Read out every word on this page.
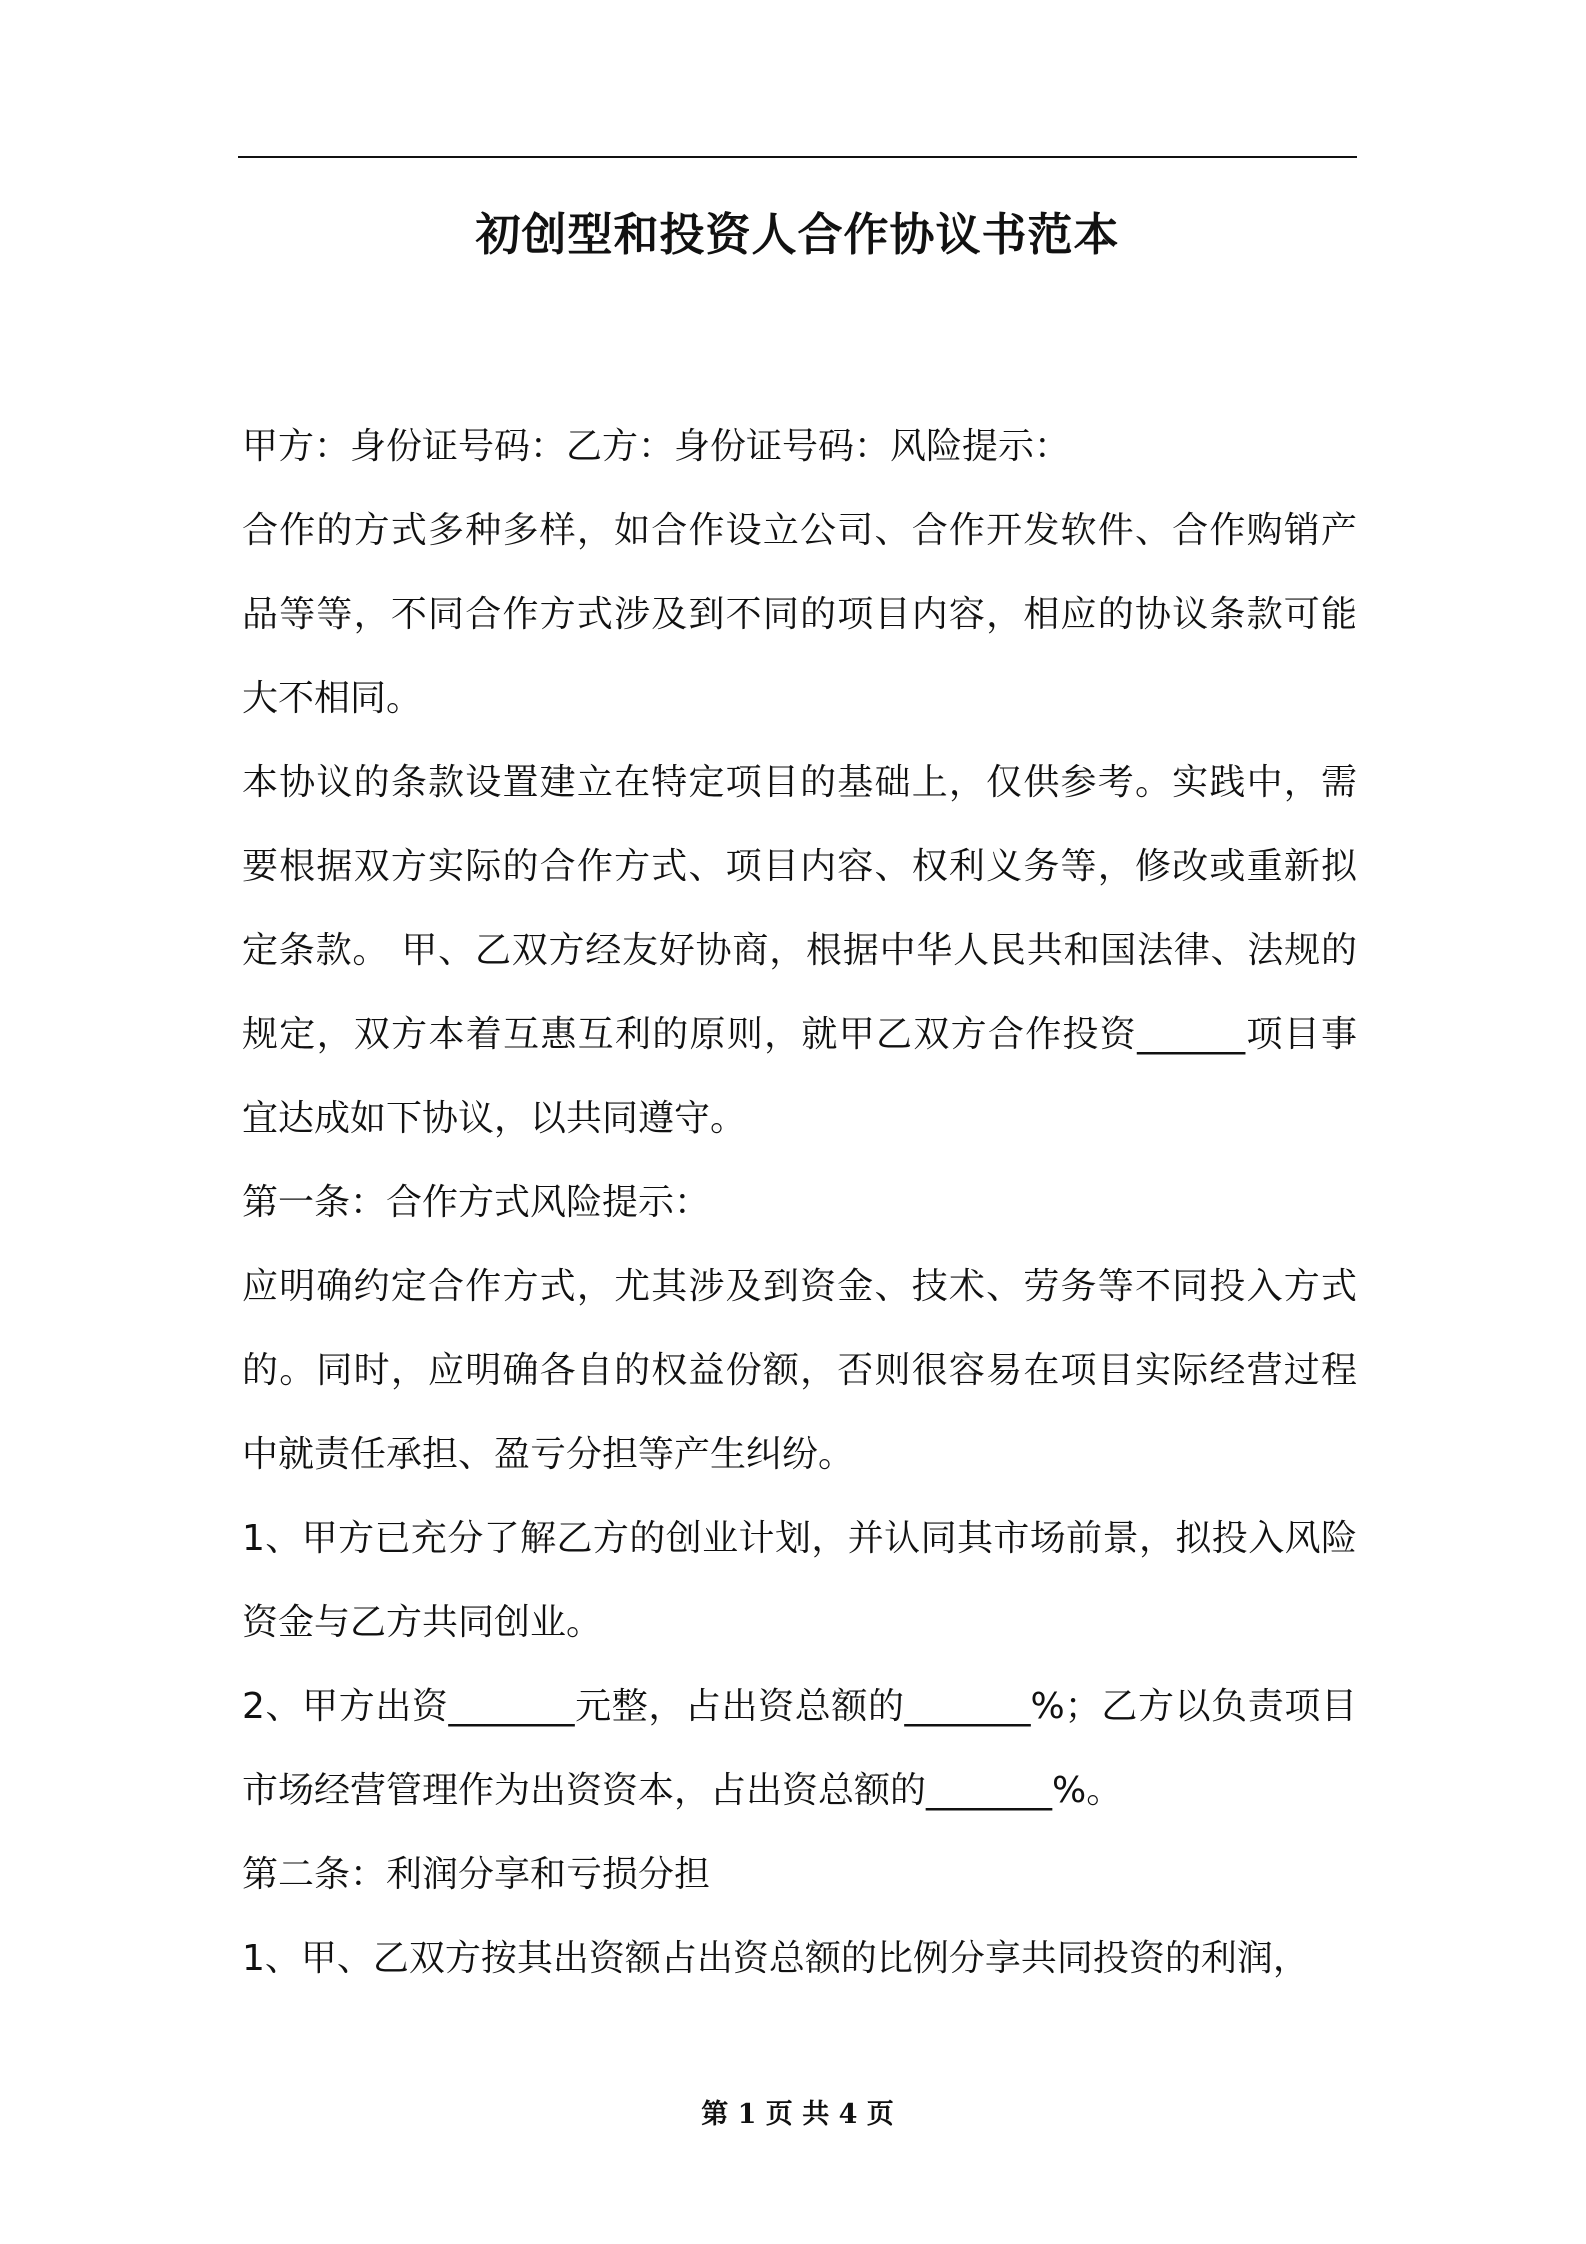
初创型和投资人合作协议书范本

甲方：身份证号码：乙方：身份证号码：风险提示：

合作的方式多种多样，如合作设立公司、合作开发软件、合作购销产品等等，不同合作方式涉及到不同的项目内容，相应的协议条款可能大不相同。

本协议的条款设置建立在特定项目的基础上，仅供参考。实践中，需要根据双方实际的合作方式、项目内容、权利义务等，修改或重新拟定条款。 甲、乙双方经友好协商，根据中华人民共和国法律、法规的规定，双方本着互惠互利的原则，就甲乙双方合作投资______项目事宜达成如下协议，以共同遵守。

第一条：合作方式风险提示：

应明确约定合作方式，尤其涉及到资金、技术、劳务等不同投入方式的。同时，应明确各自的权益份额，否则很容易在项目实际经营过程中就责任承担、盈亏分担等产生纠纷。

1、甲方已充分了解乙方的创业计划，并认同其市场前景，拟投入风险资金与乙方共同创业。

2、甲方出资_______元整，占出资总额的_______%；乙方以负责项目市场经营管理作为出资资本，占出资总额的_______%。

第二条：利润分享和亏损分担

1、甲、乙双方按其出资额占出资总额的比例分享共同投资的利润，

第 1 页 共 4 页
